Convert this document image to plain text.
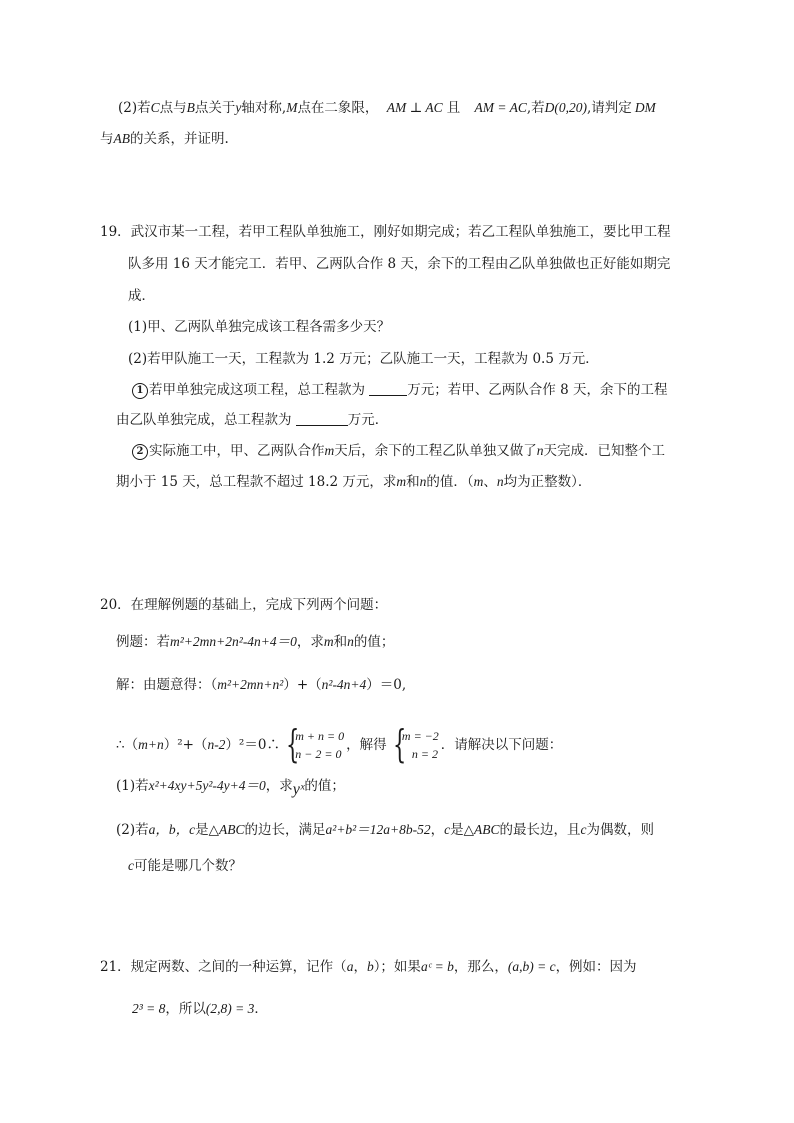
(2)若C点与B点关于y轴对称,M点在二象限， AM ⊥ AC 且 AM = AC,若D(0,20),请判定 DM
与AB的关系，并证明.
19．武汉市某一工程，若甲工程队单独施工，刚好如期完成；若乙工程队单独施工，要比甲工程
队多用 16 天才能完工．若甲、乙两队合作 8 天，余下的工程由乙队单独做也正好能如期完
成．
(1)甲、乙两队单独完成该工程各需多少天？
(2)若甲队施工一天，工程款为 1.2 万元；乙队施工一天，工程款为 0.5 万元．
1 若甲单独完成这项工程，总工程款为	万元；若甲、乙两队合作 8 天，余下的工程
由乙队单独完成，总工程款为	万元．
2 实际施工中，甲、乙两队合作m天后，余下的工程乙队单独又做了n天完成．已知整个工
期小于 15 天，总工程款不超过 18.2 万元，求m和n的值．（m、n均为正整数）．
20．在理解例题的基础上，完成下列两个问题：
例题：若m²+2mn+2n²-4n+4＝0，求m和n的值；
解：由题意得：（m²+2mn+n²）+（n²-4n+4）＝0,
∴（m+n）²+（n-2）²＝0∴ {
m + n = 0
n − 2 = 0
，解得 {
m = −2
n = 2
．请解决以下问题：
(1)若x²+4xy+5y²-4y+4＝0，求yˣ的值；
(2)若a，b，c是△ABC的边长，满足a²+b²＝12a+8b-52，c是△ABC的最长边，且c为偶数，则
c可能是哪几个数？
21．规定两数、之间的一种运算，记作（a，b）；如果aᶜ = b，那么，(a,b) = c，例如：因为
2³ = 8，所以(2,8) = 3．
